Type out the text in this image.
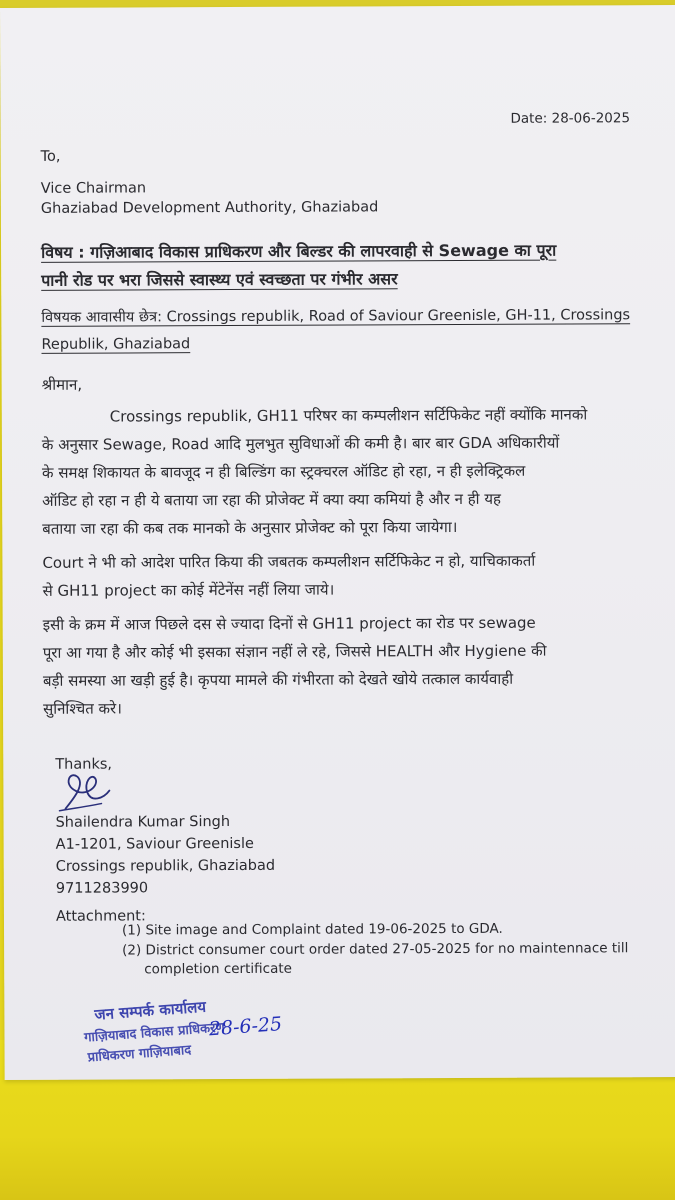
Date: 28-06-2025
To,
Vice Chairman
Ghaziabad Development Authority, Ghaziabad
विषय : गज़िआबाद विकास प्राधिकरण और बिल्डर की लापरवाही से Sewage का पूरा
पानी रोड पर भरा जिससे स्वास्थ्य एवं स्वच्छता पर गंभीर असर
विषयक आवासीय छेत्र: Crossings republik, Road of Saviour Greenisle, GH-11, Crossings
Republik, Ghaziabad
श्रीमान,
Crossings republik, GH11 परिषर का कम्पलीशन सर्टिफिकेट नहीं क्योंकि मानको
के अनुसार Sewage, Road आदि मुलभुत सुविधाओं की कमी है। बार बार GDA अधिकारीयों
के समक्ष शिकायत के बावजूद न ही बिल्डिंग का स्ट्रक्चरल ऑडिट हो रहा, न ही इलेक्ट्रिकल
ऑडिट हो रहा न ही ये बताया जा रहा की प्रोजेक्ट में क्या क्या कमियां है और न ही यह
बताया जा रहा की कब तक मानको के अनुसार प्रोजेक्ट को पूरा किया जायेगा।
Court ने भी को आदेश पारित किया की जबतक कम्पलीशन सर्टिफिकेट न हो, याचिकाकर्ता
से GH11 project का कोई मेंटेनेंस नहीं लिया जाये।
इसी के क्रम में आज पिछले दस से ज्यादा दिनों से GH11 project का रोड पर sewage
पूरा आ गया है और कोई भी इसका संज्ञान नहीं ले रहे, जिससे HEALTH और Hygiene की
बड़ी समस्या आ खड़ी हुई है। कृपया मामले की गंभीरता को देखते खोये तत्काल कार्यवाही
सुनिश्चित करे।
Thanks,
Shailendra Kumar Singh
A1-1201, Saviour Greenisle
Crossings republik, Ghaziabad
9711283990
Attachment:
(1) Site image and Complaint dated 19-06-2025 to GDA.
(2) District consumer court order dated 27-05-2025 for no maintennace till
completion certificate
जन सम्पर्क कार्यालय
गाज़ियाबाद विकास प्राधिकरण
प्राधिकरण गाज़ियाबाद
28-6-25
